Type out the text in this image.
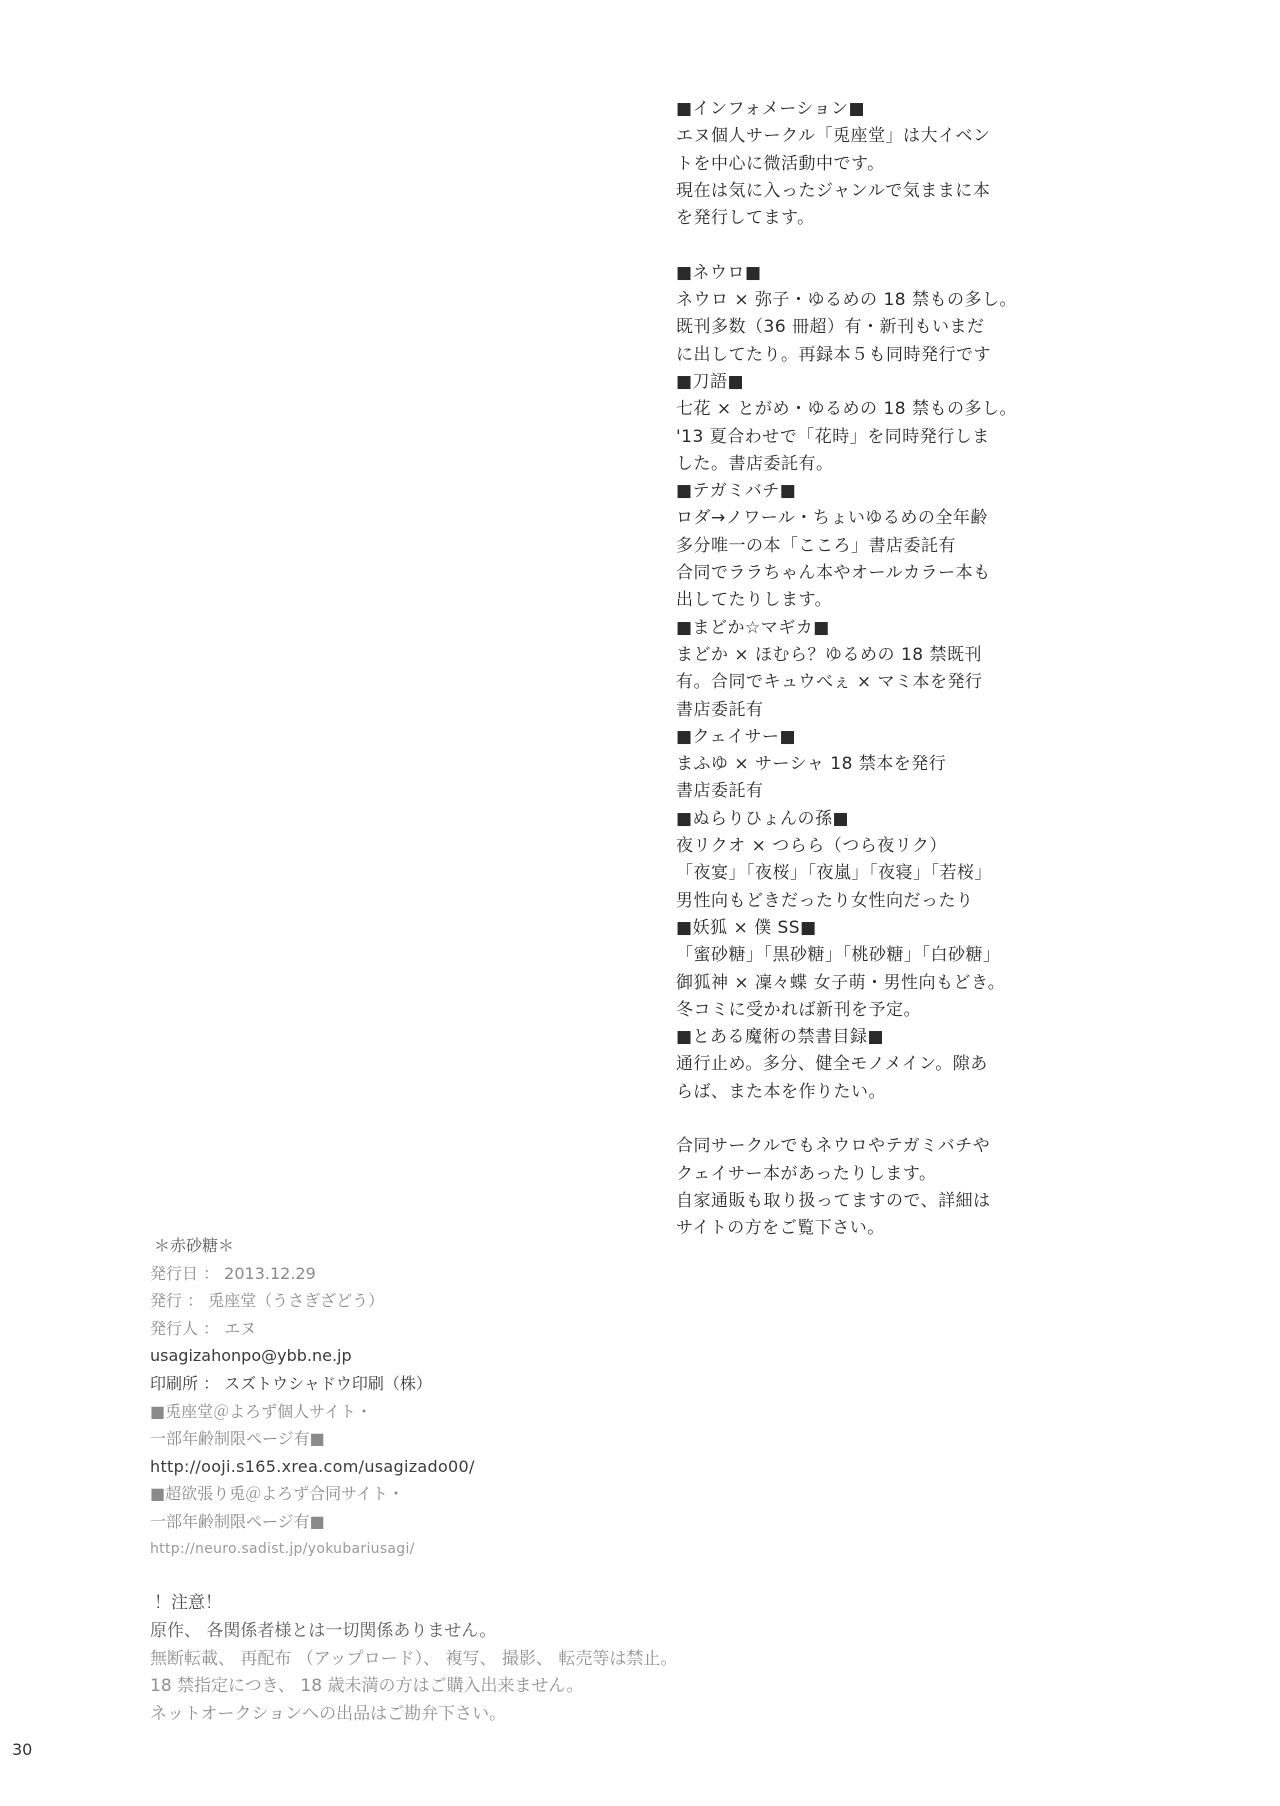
■インフォメーション■
エヌ個人サークル「兎座堂」は大イベン
トを中心に微活動中です。
現在は気に入ったジャンルで気ままに本
を発行してます。
■ネウロ■
ネウロ × 弥子・ゆるめの 18 禁もの多し。
既刊多数（36 冊超）有・新刊もいまだ
に出してたり。再録本５も同時発行です
■刀語■
七花 × とがめ・ゆるめの 18 禁もの多し。
'13 夏合わせで「花時」を同時発行しま
した。書店委託有。
■テガミバチ■
ロダ→ノワール・ちょいゆるめの全年齢
多分唯一の本「こころ」書店委託有
合同でララちゃん本やオールカラー本も
出してたりします。
■まどか☆マギカ■
まどか × ほむら？ゆるめの 18 禁既刊
有。合同でキュウべぇ × マミ本を発行
書店委託有
■クェイサー■
まふゆ × サーシャ 18 禁本を発行
書店委託有
■ぬらりひょんの孫■
夜リクオ × つらら（つら夜リク）
「夜宴」「夜桜」「夜嵐」「夜寝」「若桜」
男性向もどきだったり女性向だったり
■妖狐 × 僕 SS■
「蜜砂糖」「黒砂糖」「桃砂糖」「白砂糖」
御狐神 × 凜々蝶 女子萌・男性向もどき。
冬コミに受かれば新刊を予定。
■とある魔術の禁書目録■
通行止め。多分、健全モノメイン。隙あ
らば、また本を作りたい。
合同サークルでもネウロやテガミバチや
クェイサー本があったりします。
自家通販も取り扱ってますので、詳細は
サイトの方をご覧下さい。
＊赤砂糖＊
発行日 ： 2013.12.29
発行 ： 兎座堂（うさぎざどう）
発行人 ： エヌ
usagizahonpo@ybb.ne.jp
印刷所 ： スズトウシャドウ印刷（株）
■兎座堂＠よろず個人サイト・
一部年齢制限ページ有■
http://ooji.s165.xrea.com/usagizado00/
■超欲張り兎＠よろず合同サイト・
一部年齢制限ページ有■
http://neuro.sadist.jp/yokubariusagi/
！注意！
原作、 各関係者様とは一切関係ありません。
無断転載、 再配布 （アップロード）、 複写、 撮影、 転売等は禁止。
18 禁指定につき、 18 歳未満の方はご購入出来ません。
ネットオークションへの出品はご勘弁下さい。
30
